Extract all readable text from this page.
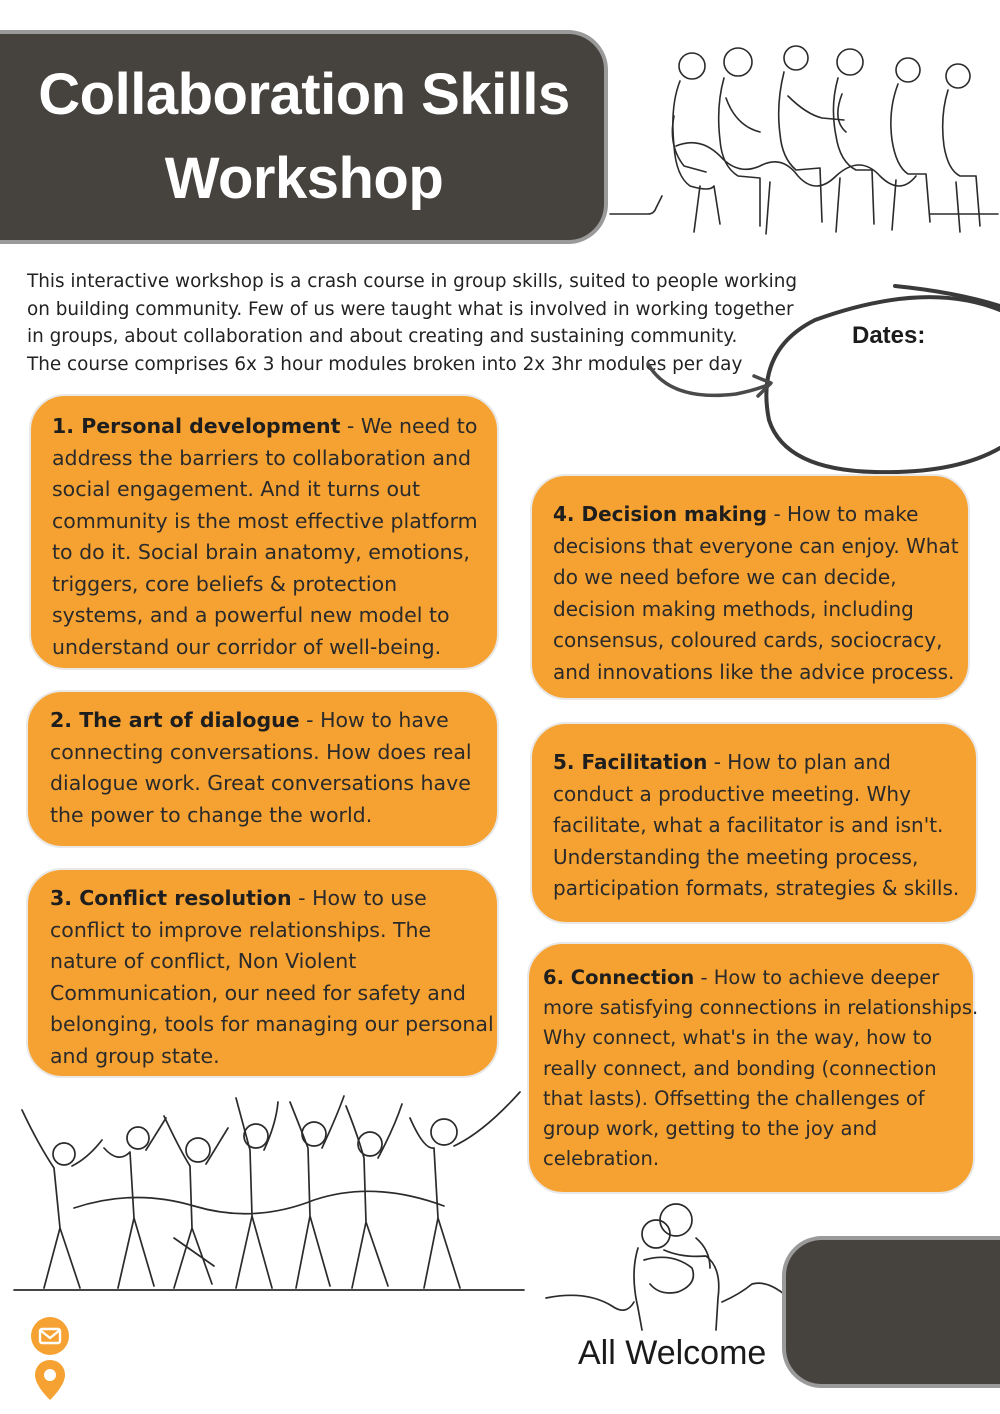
Collaboration Skills
Workshop
This interactive workshop is a crash course in group skills, suited to people working
on building community. Few of us were taught what is involved in working together
in groups, about collaboration and about creating and sustaining community.
The course comprises 6x 3 hour modules broken into 2x 3hr modules per day
Dates:
1. Personal development - We need to
address the barriers to collaboration and
social engagement. And it turns out
community is the most effective platform
to do it. Social brain anatomy, emotions,
triggers, core beliefs & protection
systems, and a powerful new model to
understand our corridor of well-being.
2. The art of dialogue - How to have
connecting conversations. How does real
dialogue work. Great conversations have
the power to change the world.
3. Conflict resolution - How to use
conflict to improve relationships. The
nature of conflict, Non Violent
Communication, our need for safety and
belonging, tools for managing our personal
and group state.
4. Decision making - How to make
decisions that everyone can enjoy. What
do we need before we can decide,
decision making methods, including
consensus, coloured cards, sociocracy,
and innovations like the advice process.
5. Facilitation - How to plan and
conduct a productive meeting. Why
facilitate, what a facilitator is and isn't.
Understanding the meeting process,
participation formats, strategies & skills.
6. Connection - How to achieve deeper
more satisfying connections in relationships.
Why connect, what's in the way, how to
really connect, and bonding (connection
that lasts). Offsetting the challenges of
group work, getting to the joy and
celebration.
All Welcome
